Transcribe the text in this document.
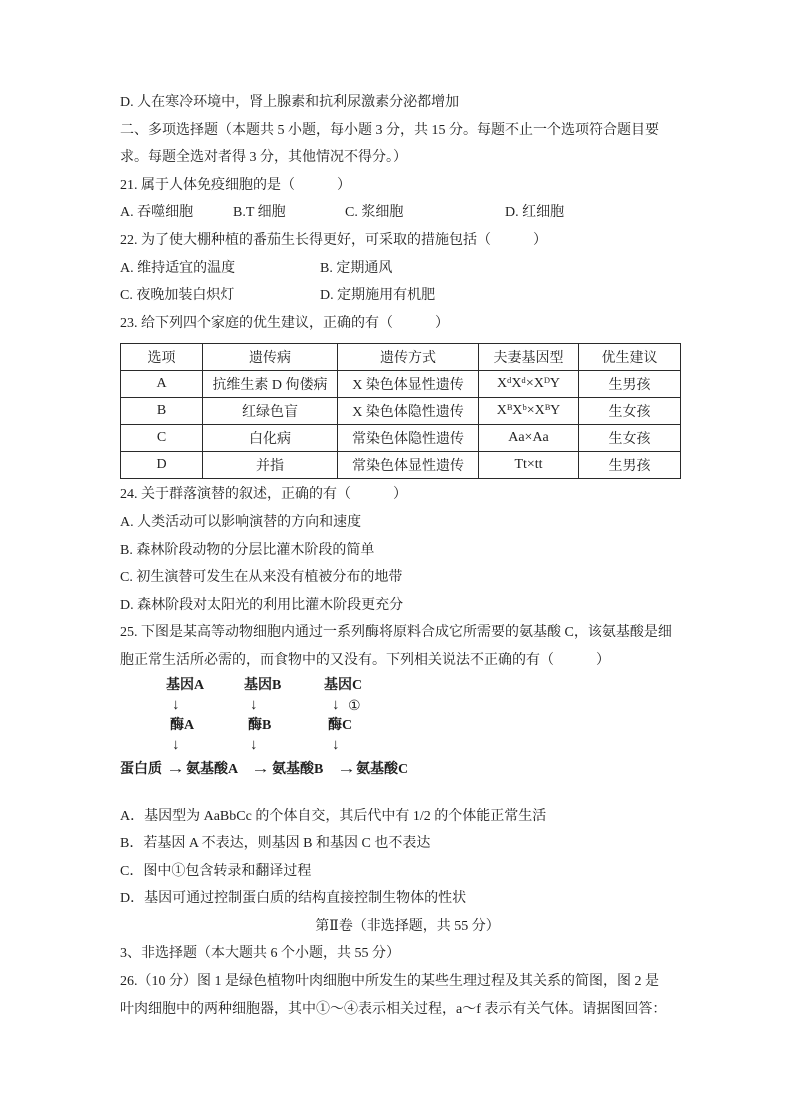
D. 人在寒冷环境中，肾上腺素和抗利尿激素分泌都增加

二、多项选择题（本题共 5 小题，每小题 3 分，共 15 分。每题不止一个选项符合题目要

求。每题全选对者得 3 分，其他情况不得分。）

21. 属于人体免疫细胞的是（            ）

A. 吞噬细胞

	B.T 细胞

	C. 浆细胞

	D. 红细胞

22. 为了使大棚种植的番茄生长得更好，可采取的措施包括（            ）

A. 维持适宜的温度

	B. 定期通风

C. 夜晚加装白炽灯

	D. 定期施用有机肥

23. 给下列四个家庭的优生建议，正确的有（            ）

选项	遗传病	遗传方式	夫妻基因型	优生建议
A	抗维生素 D 佝偻病	X 染色体显性遗传	XᵈXᵈ×XᴰY	生男孩
B	红绿色盲	X 染色体隐性遗传	XᴮXᵇ×XᴮY	生女孩
C	白化病	常染色体隐性遗传	Aa×Aa	生女孩
D	并指	常染色体显性遗传	Tt×tt	生男孩

24. 关于群落演替的叙述，正确的有（            ）

A. 人类活动可以影响演替的方向和速度

B. 森林阶段动物的分层比灌木阶段的简单

C. 初生演替可发生在从来没有植被分布的地带

D. 森林阶段对太阳光的利用比灌木阶段更充分

25. 下图是某高等动物细胞内通过一系列酶将原料合成它所需要的氨基酸 C，该氨基酸是细

胞正常生活所必需的，而食物中的又没有。下列相关说法不正确的有（            ）

基因A	基因B	基因C
↓	↓	↓ ①
酶A	酶B	酶C
↓	↓	↓
蛋白质 → 氨基酸A → 氨基酸B → 氨基酸C

A．基因型为 AaBbCc 的个体自交，其后代中有 1/2 的个体能正常生活

B．若基因 A 不表达，则基因 B 和基因 C 也不表达

C．图中①包含转录和翻译过程

D．基因可通过控制蛋白质的结构直接控制生物体的性状

第Ⅱ卷（非选择题，共 55 分）

3、非选择题（本大题共 6 个小题，共 55 分）

26.（10 分）图 1 是绿色植物叶肉细胞中所发生的某些生理过程及其关系的简图，图 2 是

叶肉细胞中的两种细胞器，其中①～④表示相关过程，a～f 表示有关气体。请据图回答：
